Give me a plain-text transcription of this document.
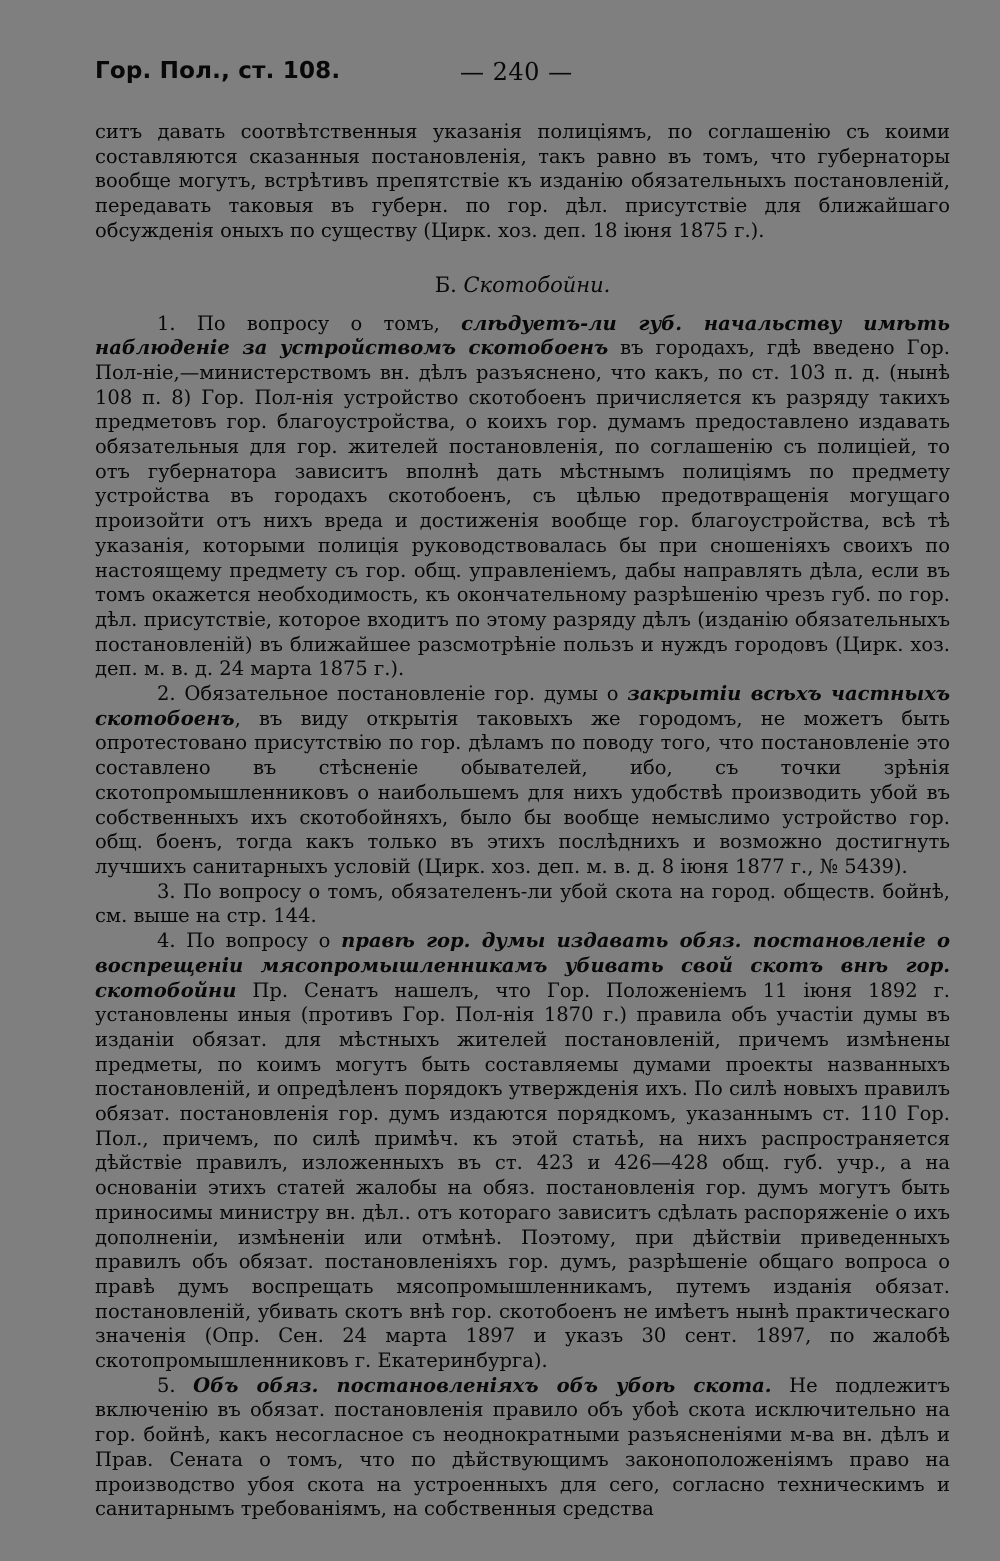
Гор. Пол., ст. 108.	— 240 —

ситъ давать соотвѣтственныя указанія полиціямъ, по соглашенію съ коими составляются сказанныя постановленія, такъ равно въ томъ, что губернаторы вообще могутъ, встрѣтивъ препятствіе къ изданію обязательныхъ постановленій, передавать таковыя въ губерн. по гор. дѣл. присутствіе для ближайшаго обсужденія оныхъ по существу (Цирк. хоз. деп. 18 іюня 1875 г.).

Б. Скотобойни.

1. По вопросу о томъ, слѣдуетъ-ли губ. начальству имѣть наблюденіе за устройствомъ скотобоенъ въ городахъ, гдѣ введено Гор. Пол-ніе,—министерствомъ вн. дѣлъ разъяснено, что какъ, по ст. 103 п. д. (нынѣ 108 п. 8) Гор. Пол-нія устройство скотобоенъ причисляется къ разряду такихъ предметовъ гор. благоустройства, о коихъ гор. думамъ предоставлено издавать обязательныя для гор. жителей постановленія, по соглашенію съ полиціей, то отъ губернатора зависитъ вполнѣ дать мѣстнымъ полиціямъ по предмету устройства въ городахъ скотобоенъ, съ цѣлью предотвращенія могущаго произойти отъ нихъ вреда и достиженія вообще гор. благоустройства, всѣ тѣ указанія, которыми полиція руководствовалась бы при сношеніяхъ своихъ по настоящему предмету съ гор. общ. управленіемъ, дабы направлять дѣла, если въ томъ окажется необходимость, къ окончательному разрѣшенію чрезъ губ. по гор. дѣл. присутствіе, которое входитъ по этому разряду дѣлъ (изданію обязательныхъ постановленій) въ ближайшее разсмотрѣніе пользъ и нуждъ городовъ (Цирк. хоз. деп. м. в. д. 24 марта 1875 г.).

2. Обязательное постановленіе гор. думы о закрытіи всѣхъ частныхъ скотобоенъ, въ виду открытія таковыхъ же городомъ, не можетъ быть опротестовано присутствію по гор. дѣламъ по поводу того, что постановленіе это составлено въ стѣсненіе обывателей, ибо, съ точки зрѣнія скотопромышленниковъ о наибольшемъ для нихъ удобствѣ производить убой въ собственныхъ ихъ скотобойняхъ, было бы вообще немыслимо устройство гор. общ. боенъ, тогда какъ только въ этихъ послѣднихъ и возможно достигнуть лучшихъ санитарныхъ условій (Цирк. хоз. деп. м. в. д. 8 іюня 1877 г., № 5439).

3. По вопросу о томъ, обязателенъ-ли убой скота на город. обществ. бойнѣ, см. выше на стр. 144.

4. По вопросу о правѣ гор. думы издавать обяз. постановленіе о воспрещеніи мясопромышленникамъ убивать свой скотъ внѣ гор. скотобойни Пр. Сенатъ нашелъ, что Гор. Положеніемъ 11 іюня 1892 г. установлены иныя (противъ Гор. Пол-нія 1870 г.) правила объ участіи думы въ изданіи обязат. для мѣстныхъ жителей постановленій, причемъ измѣнены предметы, по коимъ могутъ быть составляемы думами проекты названныхъ постановленій, и опредѣленъ порядокъ утвержденія ихъ. По силѣ новыхъ правилъ обязат. постановленія гор. думъ издаются порядкомъ, указаннымъ ст. 110 Гор. Пол., причемъ, по силѣ примѣч. къ этой статьѣ, на нихъ распространяется дѣйствіе правилъ, изложенныхъ въ ст. 423 и 426—428 общ. губ. учр., а на основаніи этихъ статей жалобы на обяз. постановленія гор. думъ могутъ быть приносимы министру вн. дѣл.. отъ котораго зависитъ сдѣлать распоряженіе о ихъ дополненіи, измѣненіи или отмѣнѣ. Поэтому, при дѣйствіи приведенныхъ правилъ объ обязат. постановленіяхъ гор. думъ, разрѣшеніе общаго вопроса о правѣ думъ воспрещать мясопромышленникамъ, путемъ изданія обязат. постановленій, убивать скотъ внѣ гор. скотобоенъ не имѣетъ нынѣ практическаго значенія (Опр. Сен. 24 марта 1897 и указъ 30 сент. 1897, по жалобѣ скотопромышленниковъ г. Екатеринбурга).

5. Объ обяз. постановленіяхъ объ убоѣ скота. Не подлежитъ включенію въ обязат. постановленія правило объ убоѣ скота исключительно на гор. бойнѣ, какъ несогласное съ неоднократными разъясненіями м-ва вн. дѣлъ и Прав. Сената о томъ, что по дѣйствующимъ законоположеніямъ право на производство убоя скота на устроенныхъ для сего, согласно техническимъ и санитарнымъ требованіямъ, на собственныя средства
